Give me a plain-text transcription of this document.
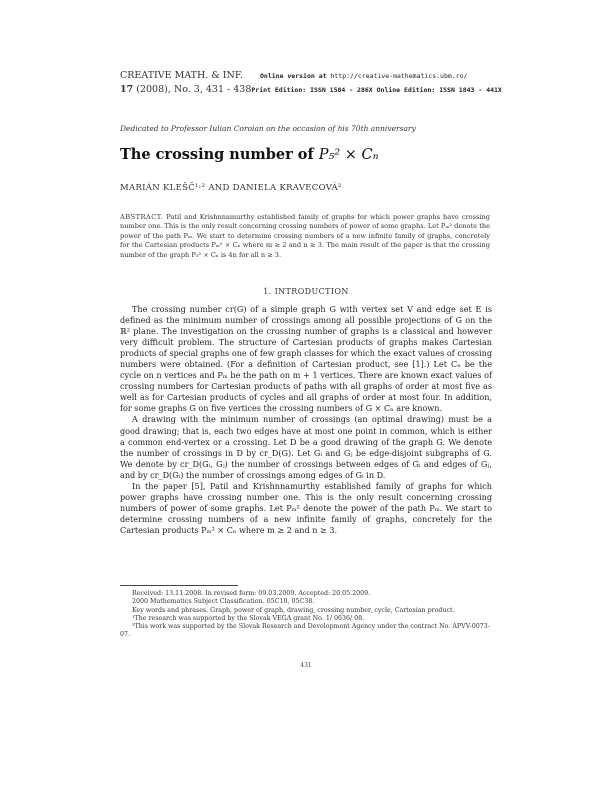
CREATIVE MATH. & INF.	Online version at http://creative-mathematics.ubm.ro/
17 (2008), No. 3, 431 - 438 Print Edition: ISSN 1584 - 286X Online Edition: ISSN 1843 - 441X
Dedicated to Professor Iulian Coroian on the occasion of his 70th anniversary
The crossing number of P₅² × Cₙ
MARIÁN KLEŠČ¹˒² AND DANIELA KRAVECOVÁ²
ABSTRACT. Patil and Krishnnamurthy established family of graphs for which power graphs have crossing number one. This is the only result concerning crossing numbers of power of some graphs. Let Pₘ² denote the power of the path Pₘ. We start to determine crossing numbers of a new infinite family of graphs, concretely for the Cartesian products Pₘ² × Cₙ where m ≥ 2 and n ≥ 3. The main result of the paper is that the crossing number of the graph P₅² × Cₙ is 4n for all n ≥ 3.
1. INTRODUCTION

The crossing number cr(G) of a simple graph G with vertex set V and edge set E is defined as the minimum number of crossings among all possible projections of G on the ℝ² plane. The investigation on the crossing number of graphs is a classical and however very difficult problem. The structure of Cartesian products of graphs makes Cartesian products of special graphs one of few graph classes for which the exact values of crossing numbers were obtained. (For a definition of Cartesian product, see [1].) Let Cₙ be the cycle on n vertices and Pₘ be the path on m + 1 vertices. There are known exact values of crossing numbers for Cartesian products of paths with all graphs of order at most five as well as for Cartesian products of cycles and all graphs of order at most four. In addition, for some graphs G on five vertices the crossing numbers of G × Cₙ are known.

A drawing with the minimum number of crossings (an optimal drawing) must be a good drawing; that is, each two edges have at most one point in common, which is either a common end-vertex or a crossing. Let D be a good drawing of the graph G. We denote the number of crossings in D by cr_D(G). Let Gᵢ and Gⱼ be edge-disjoint subgraphs of G. We denote by cr_D(Gᵢ, Gⱼ) the number of crossings between edges of Gᵢ and edges of Gⱼ, and by cr_D(Gᵢ) the number of crossings among edges of Gᵢ in D.

In the paper [5], Patil and Krishnnamurthy established family of graphs for which power graphs have crossing number one. This is the only result concerning crossing numbers of power of some graphs. Let Pₘ² denote the power of the path Pₘ. We start to determine crossing numbers of a new infinite family of graphs, concretely for the Cartesian products Pₘ² × Cₙ where m ≥ 2 and n ≥ 3.

Received: 13.11.2008. In revised form: 09.03.2009. Accepted: 20.05.2009.
2000 Mathematics Subject Classification. 05C10, 05C38.
Key words and phrases. Graph, power of graph, drawing, crossing number, cycle, Cartesian product.
¹The research was supported by the Slovak VEGA grant No. 1/ 0636/ 08.
²This work was supported by the Slovak Research and Development Agency under the contract No. APVV-0073-07.
431
